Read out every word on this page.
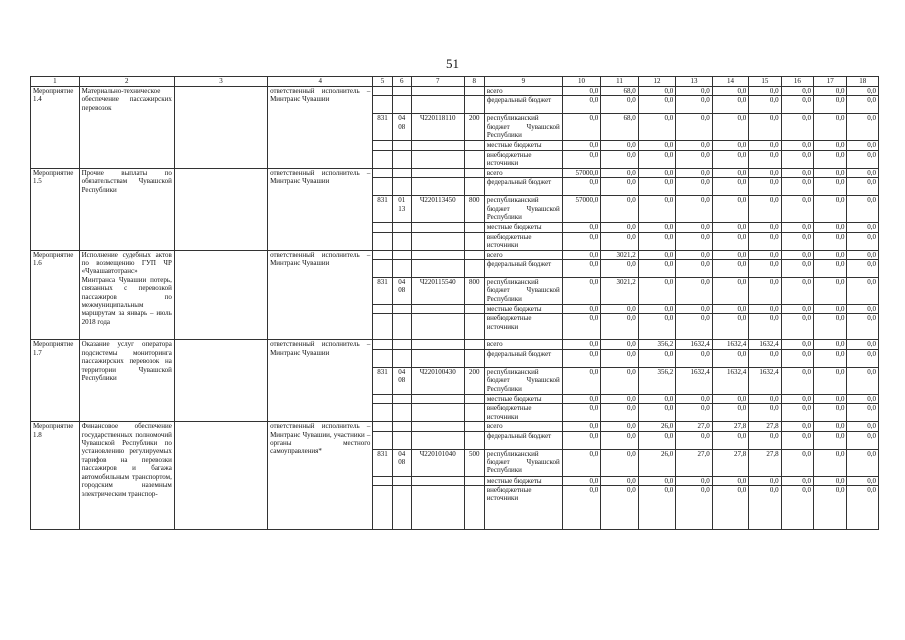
51
1	2	3	4	5	6	7	8	9	10	11	12	13	14	15	16	17	18
Мероприятие 1.4	Материально-техническое обеспечение пассажирских перевозок		ответственный исполнитель – Минтранс Чувашии					всего	0,0	68,0	0,0	0,0	0,0	0,0	0,0	0,0	0,0
								федеральный бюджет	0,0	0,0	0,0	0,0	0,0	0,0	0,0	0,0	0,0
				831	04 08	Ч220118110	200	республиканский бюджет Чувашской Республики	0,0	68,0	0,0	0,0	0,0	0,0	0,0	0,0	0,0
								местные бюджеты	0,0	0,0	0,0	0,0	0,0	0,0	0,0	0,0	0,0
								внебюджетные источники	0,0	0,0	0,0	0,0	0,0	0,0	0,0	0,0	0,0
Мероприятие 1.5	Прочие выплаты по обязательствам Чувашской Республики		ответственный исполнитель – Минтранс Чувашии					всего	57000,0	0,0	0,0	0,0	0,0	0,0	0,0	0,0	0,0
								федеральный бюджет	0,0	0,0	0,0	0,0	0,0	0,0	0,0	0,0	0,0
				831	01 13	Ч220113450	800	республиканский бюджет Чувашской Республики	57000,0	0,0	0,0	0,0	0,0	0,0	0,0	0,0	0,0
								местные бюджеты	0,0	0,0	0,0	0,0	0,0	0,0	0,0	0,0	0,0
								внебюджетные источники	0,0	0,0	0,0	0,0	0,0	0,0	0,0	0,0	0,0
Мероприятие 1.6	Исполнение судебных актов по возмещению ГУП ЧР «Чувашавтотранс» Минтранса Чувашии потерь, связанных с перевозкой пассажиров по межмуниципальным маршрутам за январь – июль 2018 года		ответственный исполнитель – Минтранс Чувашии					всего	0,0	3021,2	0,0	0,0	0,0	0,0	0,0	0,0	0,0
								федеральный бюджет	0,0	0,0	0,0	0,0	0,0	0,0	0,0	0,0	0,0
				831	04 08	Ч220115540	800	республиканский бюджет Чувашской Республики	0,0	3021,2	0,0	0,0	0,0	0,0	0,0	0,0	0,0
								местные бюджеты	0,0	0,0	0,0	0,0	0,0	0,0	0,0	0,0	0,0
								внебюджетные источники	0,0	0,0	0,0	0,0	0,0	0,0	0,0	0,0	0,0
Мероприятие 1.7	Оказание услуг оператора подсистемы мониторинга пассажирских перевозок на территории Чувашской Республики		ответственный исполнитель – Минтранс Чувашии					всего	0,0	0,0	356,2	1632,4	1632,4	1632,4	0,0	0,0	0,0
								федеральный бюджет	0,0	0,0	0,0	0,0	0,0	0,0	0,0	0,0	0,0
				831	04 08	Ч220100430	200	республиканский бюджет Чувашской Республики	0,0	0,0	356,2	1632,4	1632,4	1632,4	0,0	0,0	0,0
								местные бюджеты	0,0	0,0	0,0	0,0	0,0	0,0	0,0	0,0	0,0
								внебюджетные источники	0,0	0,0	0,0	0,0	0,0	0,0	0,0	0,0	0,0
Мероприятие 1.8	Финансовое обеспечение государственных полномочий Чувашской Республики по установлению регулируемых тарифов на перевозки пассажиров и багажа автомобильным транспортом, городским наземным электрическим транспор-		ответственный исполнитель – Минтранс Чувашии, участники – органы местного самоуправления*					всего	0,0	0,0	26,0	27,0	27,8	27,8	0,0	0,0	0,0
								федеральный бюджет	0,0	0,0	0,0	0,0	0,0	0,0	0,0	0,0	0,0
				831	04 08	Ч220101040	500	республиканский бюджет Чувашской Республики	0,0	0,0	26,0	27,0	27,8	27,8	0,0	0,0	0,0
								местные бюджеты	0,0	0,0	0,0	0,0	0,0	0,0	0,0	0,0	0,0
								внебюджетные источники	0,0	0,0	0,0	0,0	0,0	0,0	0,0	0,0	0,0
